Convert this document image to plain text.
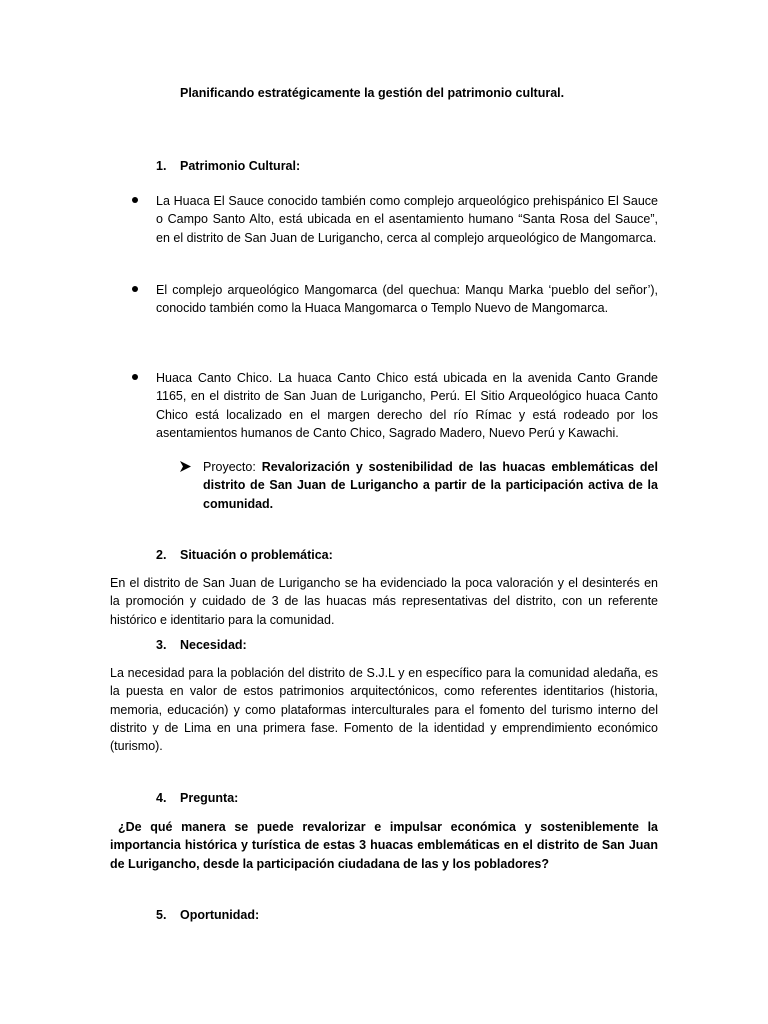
Planificando estratégicamente la gestión del patrimonio cultural.
1. Patrimonio Cultural:
La Huaca El Sauce conocido también como complejo arqueológico prehispánico El Sauce o Campo Santo Alto, está ubicada en el asentamiento humano “Santa Rosa del Sauce”, en el distrito de San Juan de Lurigancho, cerca al complejo arqueológico de Mangomarca.
El complejo arqueológico Mangomarca (del quechua: Manqu Marka ‘pueblo del señor’), conocido también como la Huaca Mangomarca o Templo Nuevo de Mangomarca.
Huaca Canto Chico. La huaca Canto Chico está ubicada en la avenida Canto Grande 1165, en el distrito de San Juan de Lurigancho, Perú. El Sitio Arqueológico huaca Canto Chico está localizado en el margen derecho del río Rímac y está rodeado por los asentamientos humanos de Canto Chico, Sagrado Madero, Nuevo Perú y Kawachi.
Proyecto: Revalorización y sostenibilidad de las huacas emblemáticas del distrito de San Juan de Lurigancho a partir de la participación activa de la comunidad.
2. Situación o problemática:
En el distrito de San Juan de Lurigancho se ha evidenciado la poca valoración y el desinterés en la promoción y cuidado de 3 de las huacas más representativas del distrito, con un referente histórico e identitario para la comunidad.
3. Necesidad:
La necesidad para la población del distrito de S.J.L y en específico para la comunidad aledaña, es la puesta en valor de estos patrimonios arquitectónicos, como referentes identitarios (historia, memoria, educación) y como plataformas interculturales para el fomento del turismo interno del distrito y de Lima en una primera fase. Fomento de la identidad y emprendimiento económico (turismo).
4. Pregunta:
¿De qué manera se puede revalorizar e impulsar económica y sosteniblemente la importancia histórica y turística de estas 3 huacas emblemáticas en el distrito de San Juan de Lurigancho, desde la participación ciudadana de las y los pobladores?
5. Oportunidad:
